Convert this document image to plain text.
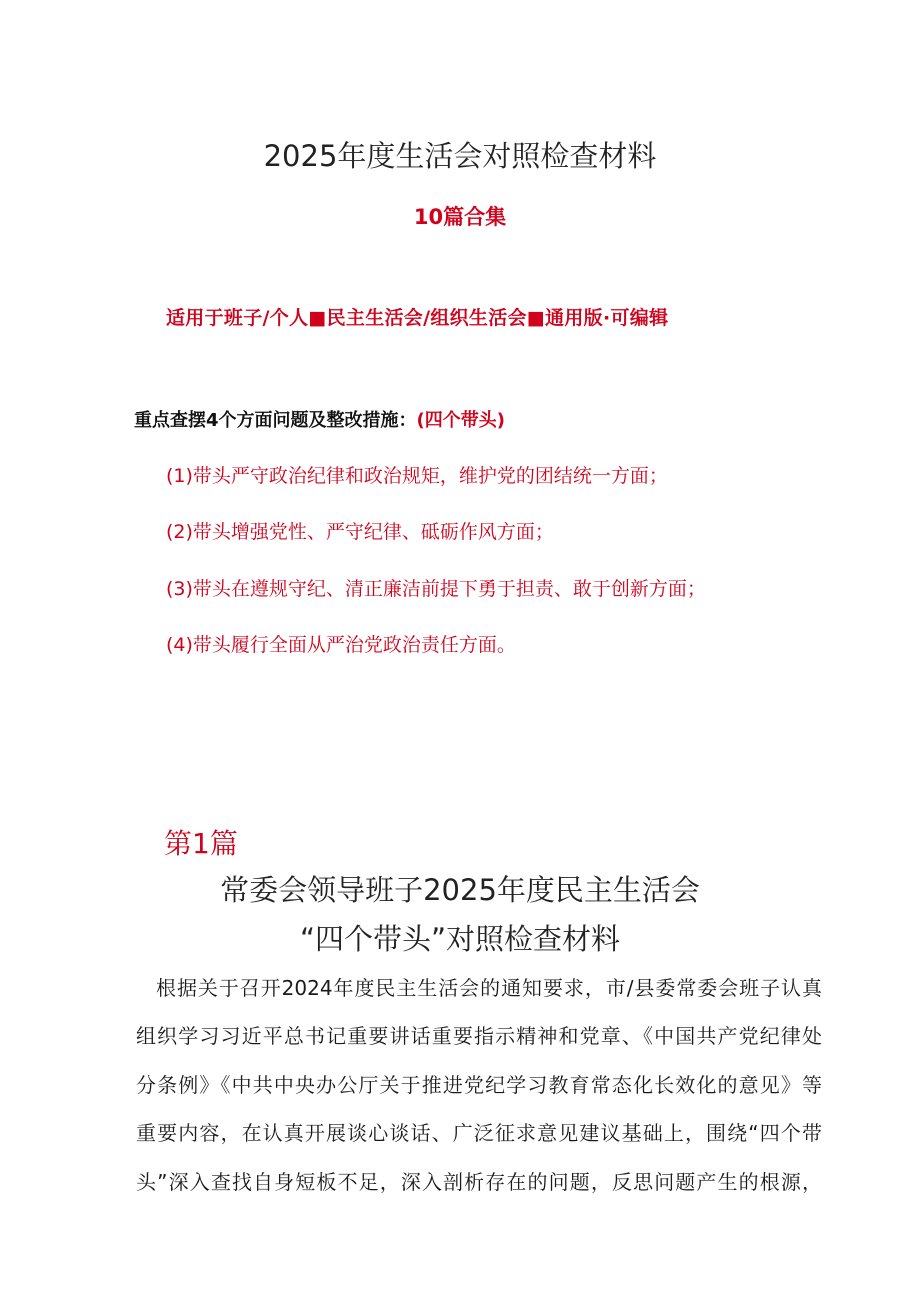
2025年度生活会对照检查材料
10篇合集
适用于班子/个人■民主生活会/组织生活会■通用版·可编辑
重点查摆4个方面问题及整改措施：(四个带头)
(1)带头严守政治纪律和政治规矩，维护党的团结统一方面；
(2)带头增强党性、严守纪律、砥砺作风方面；
(3)带头在遵规守纪、清正廉洁前提下勇于担责、敢于创新方面；
(4)带头履行全面从严治党政治责任方面。
第1篇
常委会领导班子2025年度民主生活会
“四个带头”对照检查材料
根据关于召开2024年度民主生活会的通知要求，市/县委常委会班子认真
组织学习习近平总书记重要讲话重要指示精神和党章、《中国共产党纪律处
分条例》《中共中央办公厅关于推进党纪学习教育常态化长效化的意见》等
重要内容，在认真开展谈心谈话、广泛征求意见建议基础上，围绕“四个带
头”深入查找自身短板不足，深入剖析存在的问题，反思问题产生的根源，
